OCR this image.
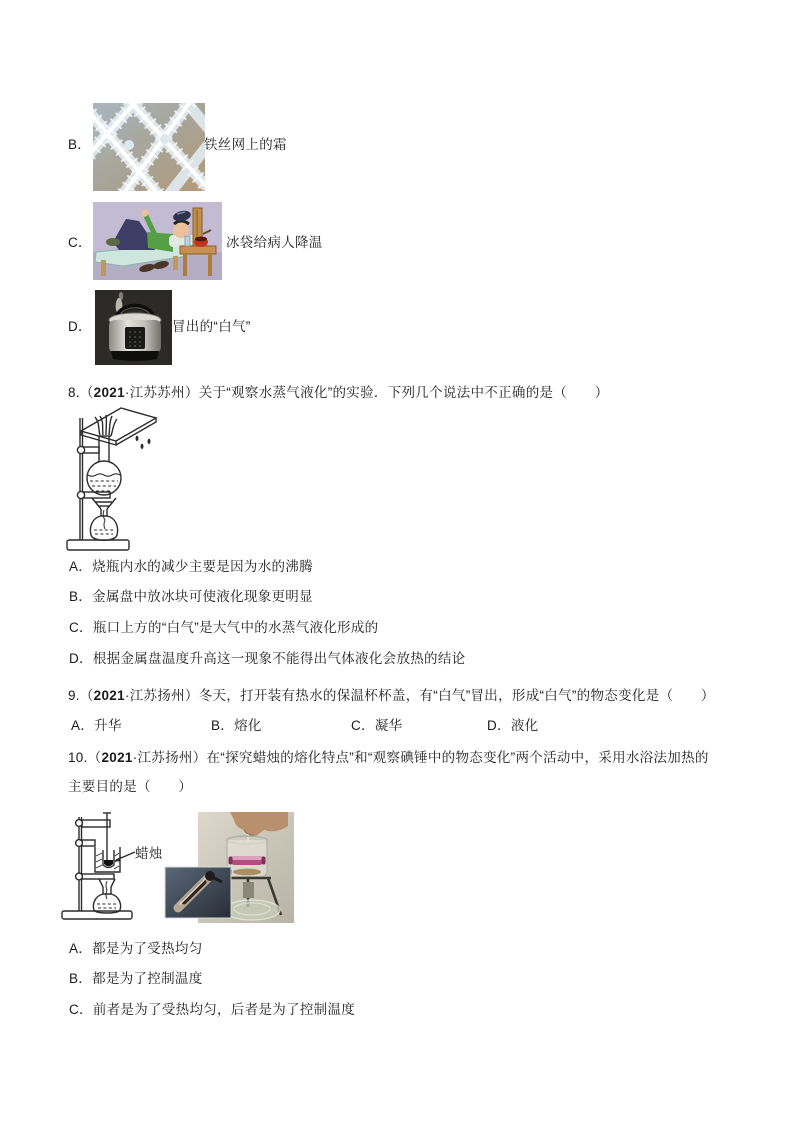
B．	铁丝网上的霜
C．	冰袋给病人降温
D．	冒出的“白气”
8.（2021·江苏苏州）关于“观察水蒸气液化”的实验．下列几个说法中不正确的是（　　）
A．烧瓶内水的减少主要是因为水的沸腾
B．金属盘中放冰块可使液化现象更明显
C．瓶口上方的“白气”是大气中的水蒸气液化形成的
D．根据金属盘温度升高这一现象不能得出气体液化会放热的结论
9.（2021·江苏扬州）冬天，打开装有热水的保温杯杯盖，有“白气”冒出，形成“白气”的物态变化是（　　）
A．升华	B．熔化	C．凝华	D．液化
10.（2021·江苏扬州）在“探究蜡烛的熔化特点”和“观察碘锤中的物态变化”两个活动中，采用水浴法加热的
主要目的是（　　）
蜡烛
A．都是为了受热均匀
B．都是为了控制温度
C．前者是为了受热均匀，后者是为了控制温度
